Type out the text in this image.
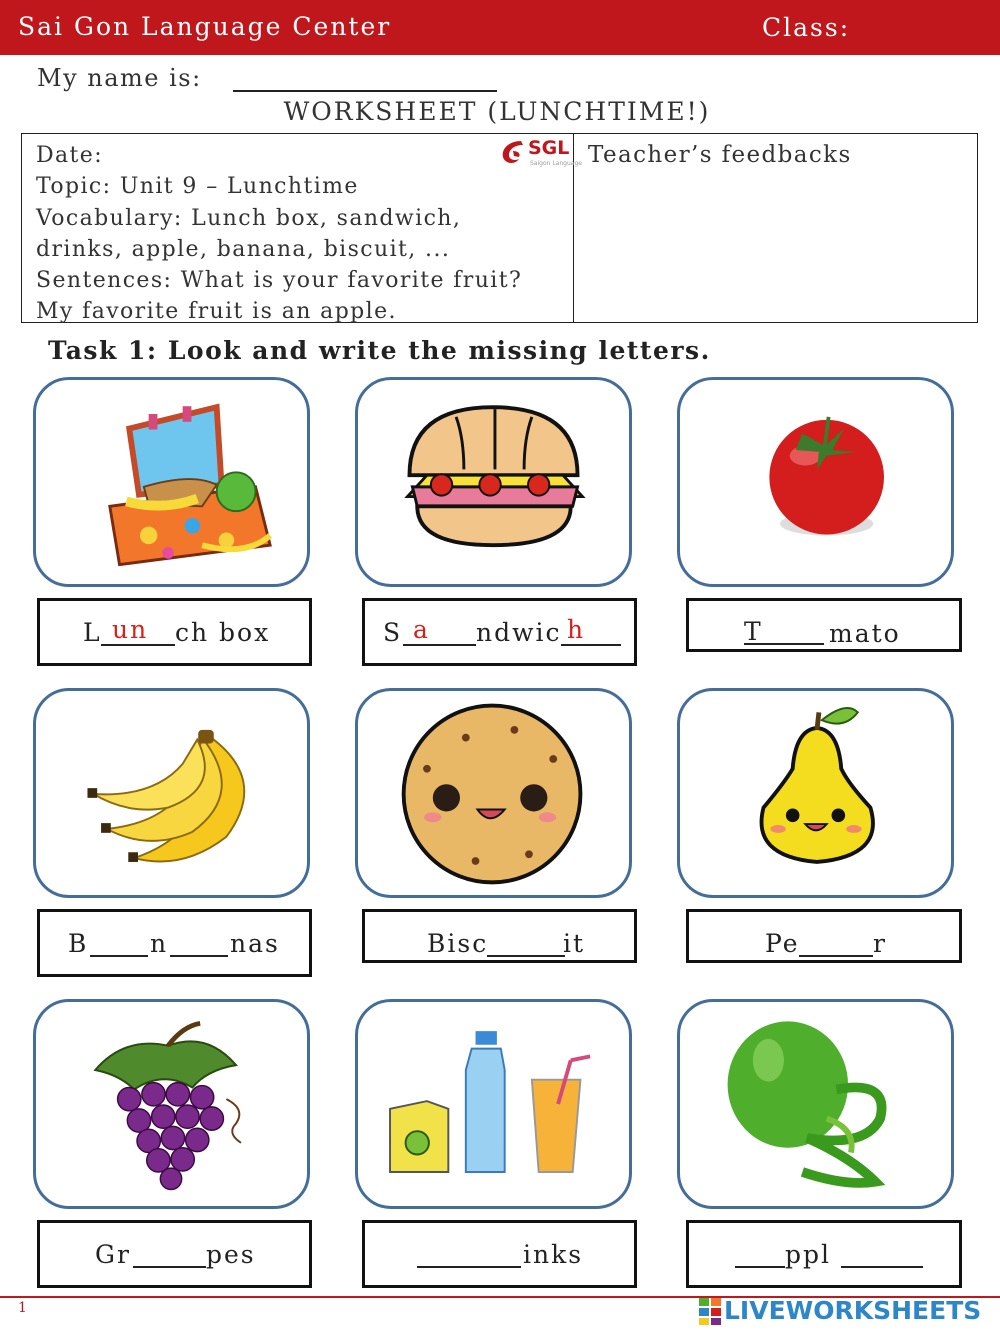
Sai Gon Language Center	Class:
My name is:
WORKSHEET (LUNCHTIME!)
Date:
Topic: Unit 9 – Lunchtime
Vocabulary: Lunch box, sandwich,
drinks, apple, banana, biscuit, ...
Sentences: What is your favorite fruit?
My favorite fruit is an apple.
Teacher’s feedbacks
SGL
Saigon Language
Task 1: Look and write the missing letters.
L un ch box	S a ndwic h	T	mato
B n nas	Bisc	it	Pe	r
Gr	pes	inks	ppl
1	LIVEWORKSHEETS
